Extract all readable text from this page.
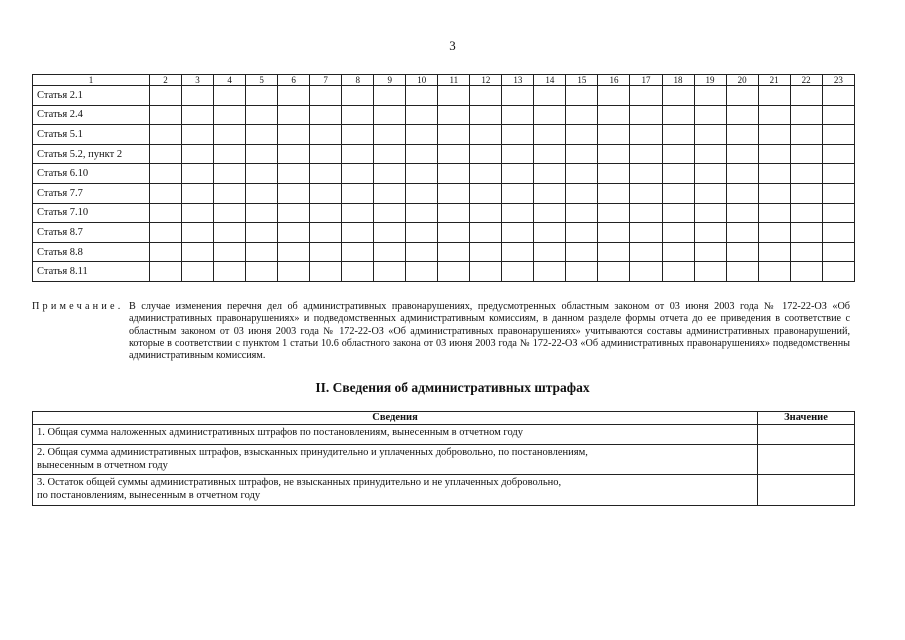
3
1	2	3	4	5	6	7	8	9	10	11	12	13	14	15	16	17	18	19	20	21	22	23
Статья 2.1																						
Статья 2.4																						
Статья 5.1																						
Статья 5.2, пункт 2																						
Статья 6.10																						
Статья 7.7																						
Статья 7.10																						
Статья 8.7																						
Статья 8.8																						
Статья 8.11																						
Примечание. В случае изменения перечня дел об административных правонарушениях, предусмотренных областным законом от 03 июня 2003 года № 172-22-ОЗ «Об административных правонарушениях» и подведомственных административным комиссиям, в данном разделе формы отчета до ее приведения в соответствие с областным законом от 03 июня 2003 года № 172-22-ОЗ «Об административных правонарушениях» учитываются составы административных правонарушений, которые в соответствии с пунктом 1 статьи 10.6 областного закона от 03 июня 2003 года № 172-22-ОЗ «Об административных правонарушениях» подведомственны административным комиссиям.
II. Сведения об административных штрафах
Сведения	Значение
1. Общая сумма наложенных административных штрафов по постановлениям, вынесенным в отчетном году	
2. Общая сумма административных штрафов, взысканных принудительно и уплаченных добровольно, по постановлениям,
вынесенным в отчетном году	
3. Остаток общей суммы административных штрафов, не взысканных принудительно и не уплаченных добровольно,
по постановлениям, вынесенным в отчетном году	
